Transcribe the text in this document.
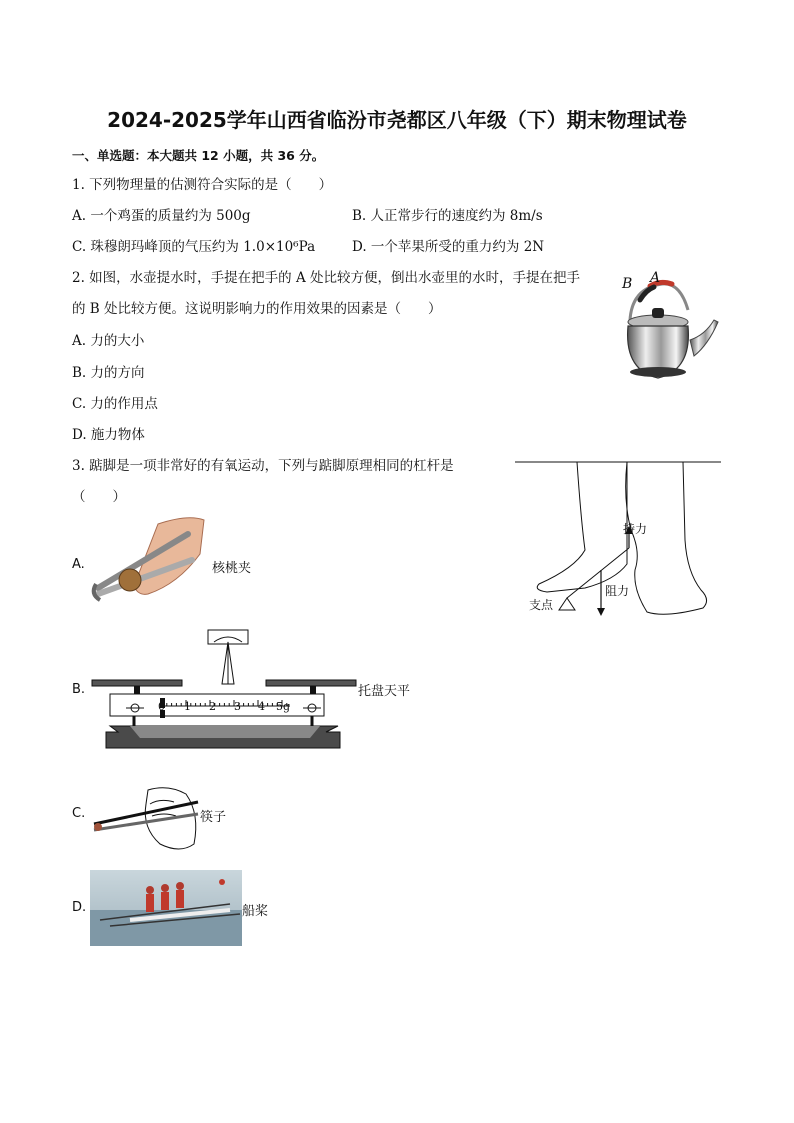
2024-2025学年山西省临汾市尧都区八年级（下）期末物理试卷
一、单选题：本大题共 12 小题，共 36 分。
1. 下列物理量的估测符合实际的是（　　）
A. 一个鸡蛋的质量约为 500g	B. 人正常步行的速度约为 8m/s
C. 珠穆朗玛峰顶的气压约为 1.0×10⁶Pa	D. 一个苹果所受的重力约为 2N
2. 如图，水壶提水时，手提在把手的 A 处比较方便，倒出水壶里的水时，手提在把手
的 B 处比较方便。这说明影响力的作用效果的因素是（　　）
A. 力的大小
B. 力的方向
C. 力的作用点
D. 施力物体
B A
3. 踮脚是一项非常好的有氧运动，下列与踮脚原理相同的杠杆是
（　　）
持力
阻力
支点
A.	核桃夹
B.
0 1 2 3 4 5g
托盘天平
C.	筷子
D.	船桨
